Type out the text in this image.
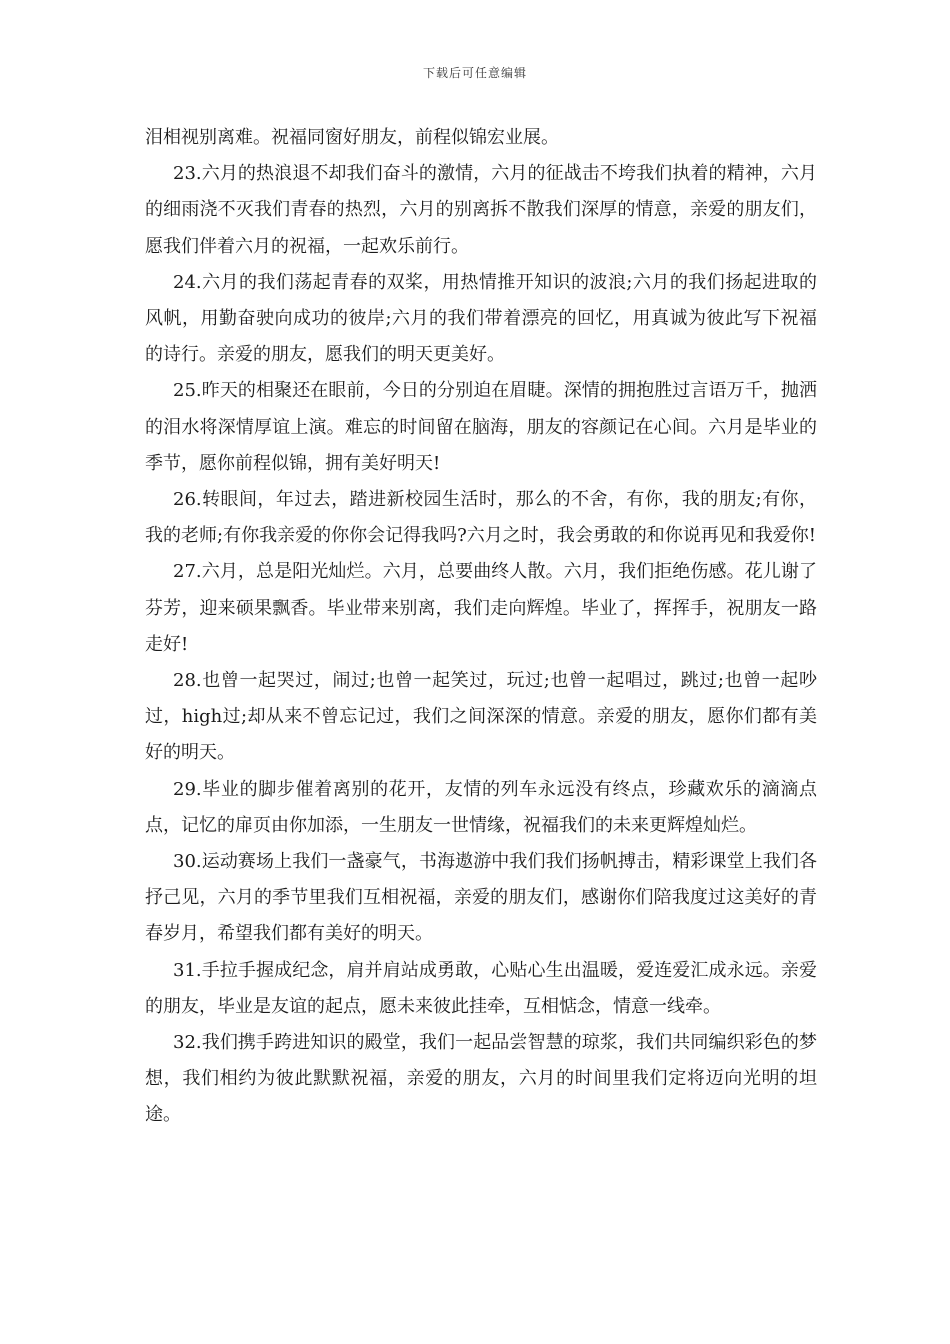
下载后可任意编辑

泪相视别离难。祝福同窗好朋友，前程似锦宏业展。

23.六月的热浪退不却我们奋斗的激情，六月的征战击不垮我们执着的精神，六月的细雨浇不灭我们青春的热烈，六月的别离拆不散我们深厚的情意，亲爱的朋友们，愿我们伴着六月的祝福，一起欢乐前行。

24.六月的我们荡起青春的双桨，用热情推开知识的波浪;六月的我们扬起进取的风帆，用勤奋驶向成功的彼岸;六月的我们带着漂亮的回忆，用真诚为彼此写下祝福的诗行。亲爱的朋友，愿我们的明天更美好。

25.昨天的相聚还在眼前，今日的分别迫在眉睫。深情的拥抱胜过言语万千，抛洒的泪水将深情厚谊上演。难忘的时间留在脑海，朋友的容颜记在心间。六月是毕业的季节，愿你前程似锦，拥有美好明天!

26.转眼间，年过去，踏进新校园生活时，那么的不舍，有你，我的朋友;有你，我的老师;有你我亲爱的你你会记得我吗?六月之时，我会勇敢的和你说再见和我爱你!

27.六月，总是阳光灿烂。六月，总要曲终人散。六月，我们拒绝伤感。花儿谢了芬芳，迎来硕果飘香。毕业带来别离，我们走向辉煌。毕业了，挥挥手，祝朋友一路走好!

28.也曾一起哭过，闹过;也曾一起笑过，玩过;也曾一起唱过，跳过;也曾一起吵过，high过;却从来不曾忘记过，我们之间深深的情意。亲爱的朋友，愿你们都有美好的明天。

29.毕业的脚步催着离别的花开，友情的列车永远没有终点，珍藏欢乐的滴滴点点，记忆的扉页由你加添，一生朋友一世情缘，祝福我们的未来更辉煌灿烂。

30.运动赛场上我们一盏豪气，书海遨游中我们我们扬帆搏击，精彩课堂上我们各抒己见，六月的季节里我们互相祝福，亲爱的朋友们，感谢你们陪我度过这美好的青春岁月，希望我们都有美好的明天。

31.手拉手握成纪念，肩并肩站成勇敢，心贴心生出温暖，爱连爱汇成永远。亲爱的朋友，毕业是友谊的起点，愿未来彼此挂牵，互相惦念，情意一线牵。

32.我们携手跨进知识的殿堂，我们一起品尝智慧的琼浆，我们共同编织彩色的梦想，我们相约为彼此默默祝福，亲爱的朋友，六月的时间里我们定将迈向光明的坦途。
